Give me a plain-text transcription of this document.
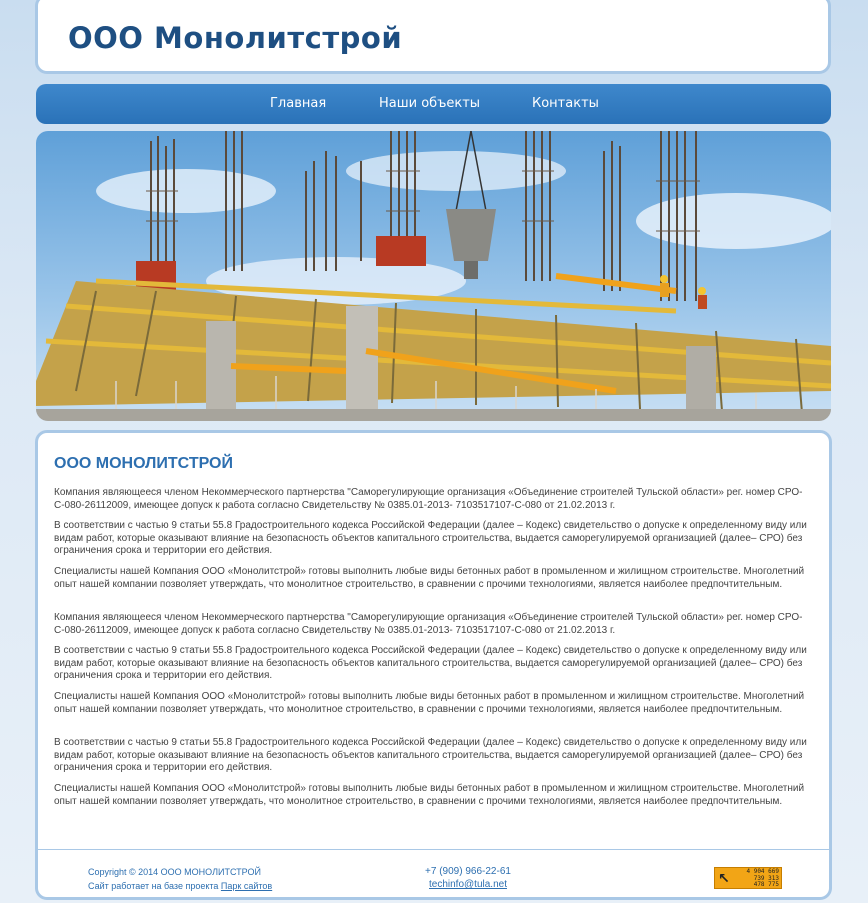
ООО Монолитстрой
Главная	Наши объекты	Контакты
ООО МОНОЛИТСТРОЙ

Компания являющееся членом Некоммерческого партнерства "Саморегулирующие организация «Объединение строителей Тульской области» рег. номер СРО-С-080-26112009, имеющее допуск к работа согласно Свидетельству № 0385.01-2013- 7103517107-С-080 от 21.02.2013 г.

В соответствии с частью 9 статьи 55.8 Градостроительного кодекса Российской Федерации (далее – Кодекс) свидетельство о допуске к определенному виду или видам работ, которые оказывают влияние на безопасность объектов капитального строительства, выдается саморегулируемой организацией (далее– СРО) без ограничения срока и территории его действия.

Специалисты нашей Компания ООО «Монолитстрой» готовы выполнить любые виды бетонных работ в промыленном и жилищном строительстве. Многолетний опыт нашей компании позволяет утверждать, что монолитное строительство, в сравнении с прочими технологиями, является наиболее предпочтительным.

Компания являющееся членом Некоммерческого партнерства "Саморегулирующие организация «Объединение строителей Тульской области» рег. номер СРО-С-080-26112009, имеющее допуск к работа согласно Свидетельству № 0385.01-2013- 7103517107-С-080 от 21.02.2013 г.

В соответствии с частью 9 статьи 55.8 Градостроительного кодекса Российской Федерации (далее – Кодекс) свидетельство о допуске к определенному виду или видам работ, которые оказывают влияние на безопасность объектов капитального строительства, выдается саморегулируемой организацией (далее– СРО) без ограничения срока и территории его действия.

Специалисты нашей Компания ООО «Монолитстрой» готовы выполнить любые виды бетонных работ в промыленном и жилищном строительстве. Многолетний опыт нашей компании позволяет утверждать, что монолитное строительство, в сравнении с прочими технологиями, является наиболее предпочтительным.

В соответствии с частью 9 статьи 55.8 Градостроительного кодекса Российской Федерации (далее – Кодекс) свидетельство о допуске к определенному виду или видам работ, которые оказывают влияние на безопасность объектов капитального строительства, выдается саморегулируемой организацией (далее– СРО) без ограничения срока и территории его действия.

Специалисты нашей Компания ООО «Монолитстрой» готовы выполнить любые виды бетонных работ в промыленном и жилищном строительстве. Многолетний опыт нашей компании позволяет утверждать, что монолитное строительство, в сравнении с прочими технологиями, является наиболее предпочтительным.

Copyright © 2014 ООО МОНОЛИТСТРОЙ
Сайт работает на базе проекта Парк сайтов
+7 (909) 966-22-61
techinfo@tula.net	↖	4 904 669
739 313
478 775
